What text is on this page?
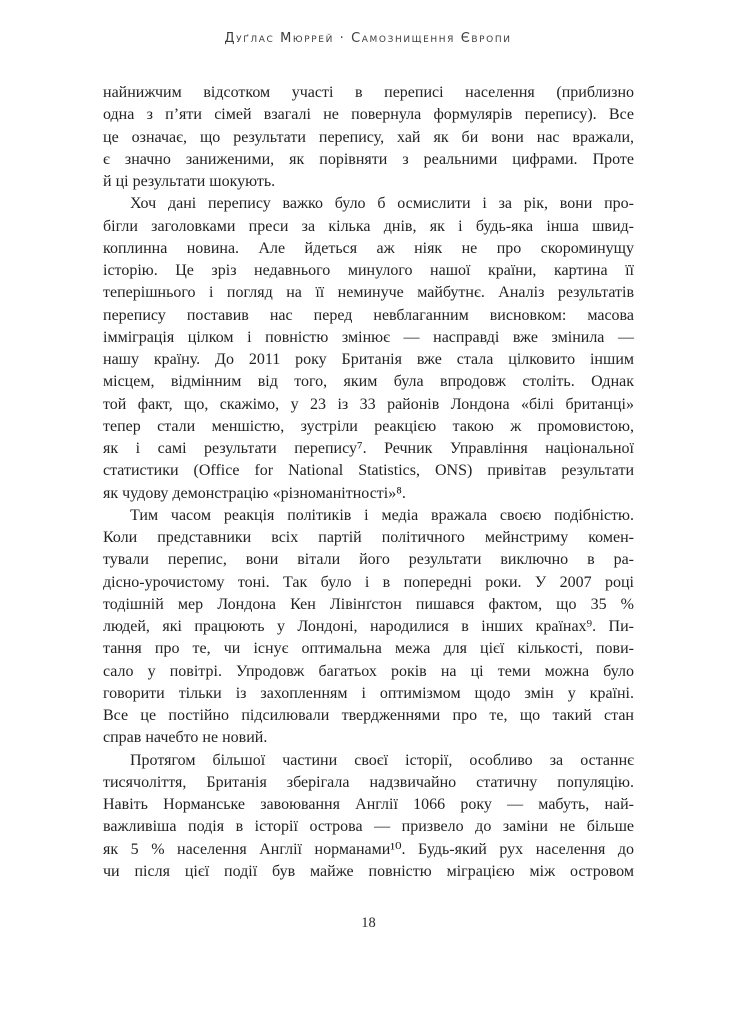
Дуґлас Мюррей · Самознищення Європи
найнижчим відсотком участі в переписі населення (приблизно
одна з п’яти сімей взагалі не повернула формулярів перепису). Все
це означає, що результати перепису, хай як би вони нас вражали,
є значно заниженими, як порівняти з реальними цифрами. Проте
й ці результати шокують.
Хоч дані перепису важко було б осмислити і за рік, вони про-
бігли заголовками преси за кілька днів, як і будь-яка інша швид-
коплинна новина. Але йдеться аж ніяк не про скороминущу
історію. Це зріз недавнього минулого нашої країни, картина її
теперішнього і погляд на її неминуче майбутнє. Аналіз результатів
перепису поставив нас перед невблаганним висновком: масова
імміграція цілком і повністю змінює — насправді вже змінила —
нашу країну. До 2011 року Британія вже стала цілковито іншим
місцем, відмінним від того, яким була впродовж століть. Однак
той факт, що, скажімо, у 23 із 33 районів Лондона «білі британці»
тепер стали меншістю, зустріли реакцією такою ж промовистою,
як і самі результати перепису⁷. Речник Управління національної
статистики (Office for National Statistics, ONS) привітав результати
як чудову демонстрацію «різноманітності»⁸.
Тим часом реакція політиків і медіа вражала своєю подібністю.
Коли представники всіх партій політичного мейнстриму комен-
тували перепис, вони вітали його результати виключно в ра-
дісно-урочистому тоні. Так було і в попередні роки. У 2007 році
тодішній мер Лондона Кен Лівінґстон пишався фактом, що 35 %
людей, які працюють у Лондоні, народилися в інших країнах⁹. Пи-
тання про те, чи існує оптимальна межа для цієї кількості, пови-
сало у повітрі. Упродовж багатьох років на ці теми можна було
говорити тільки із захопленням і оптимізмом щодо змін у країні.
Все це постійно підсилювали твердженнями про те, що такий стан
справ начебто не новий.
Протягом більшої частини своєї історії, особливо за останнє
тисячоліття, Британія зберігала надзвичайно статичну популяцію.
Навіть Норманське завоювання Англії 1066 року — мабуть, най-
важливіша подія в історії острова — призвело до заміни не більше
як 5 % населення Англії норманами¹⁰. Будь-який рух населення до
чи після цієї події був майже повністю міграцією між островом
18
